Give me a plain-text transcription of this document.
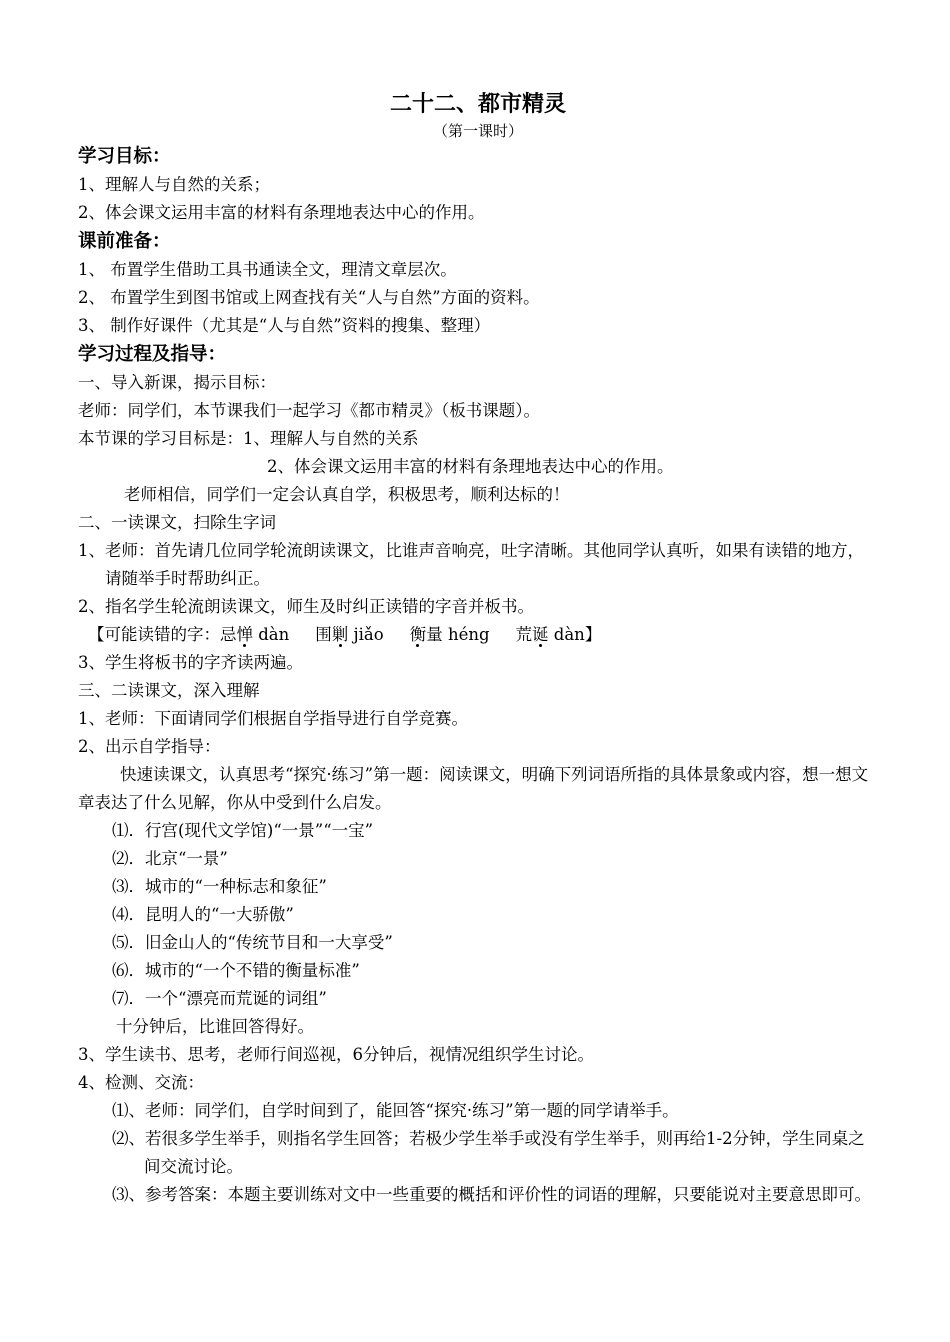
二十二、都市精灵

（第一课时）

学习目标：

1、理解人与自然的关系；

2、体会课文运用丰富的材料有条理地表达中心的作用。

课前准备：

1、 布置学生借助工具书通读全文，理清文章层次。

2、 布置学生到图书馆或上网查找有关“人与自然”方面的资料。

3、 制作好课件（尤其是“人与自然”资料的搜集、整理）

学习过程及指导：

一、导入新课，揭示目标：

老师：同学们，本节课我们一起学习《都市精灵》（板书课题）。

本节课的学习目标是：1、理解人与自然的关系

2、体会课文运用丰富的材料有条理地表达中心的作用。

老师相信，同学们一定会认真自学，积极思考，顺利达标的！

二、一读课文，扫除生字词

1、老师：首先请几位同学轮流朗读课文，比谁声音响亮，吐字清晰。其他同学认真听，如果有读错的地方，请随举手时帮助纠正。

2、指名学生轮流朗读课文，师生及时纠正读错的字音并板书。

【可能读错的字：忌惮 dàn 围剿 jiǎo 衡量 héng 荒诞 dàn】

3、学生将板书的字齐读两遍。

三、二读课文，深入理解

1、老师：下面请同学们根据自学指导进行自学竞赛。

2、出示自学指导：

快速读课文，认真思考“探究·练习”第一题：阅读课文，明确下列词语所指的具体景象或内容，想一想文章表达了什么见解，你从中受到什么启发。

⑴．行宫(现代文学馆)“一景”“一宝”

⑵．北京“一景”

⑶．城市的“一种标志和象征”

⑷．昆明人的“一大骄傲”

⑸．旧金山人的“传统节目和一大享受”

⑹．城市的“一个不错的衡量标准”

⑺．一个“漂亮而荒诞的词组”

十分钟后，比谁回答得好。

3、学生读书、思考，老师行间巡视，6分钟后，视情况组织学生讨论。

4、检测、交流：

⑴、老师：同学们，自学时间到了，能回答“探究·练习”第一题的同学请举手。

⑵、若很多学生举手，则指名学生回答；若极少学生举手或没有学生举手，则再给1-2分钟，学生同桌之间交流讨论。

⑶、参考答案：本题主要训练对文中一些重要的概括和评价性的词语的理解，只要能说对主要意思即可。
